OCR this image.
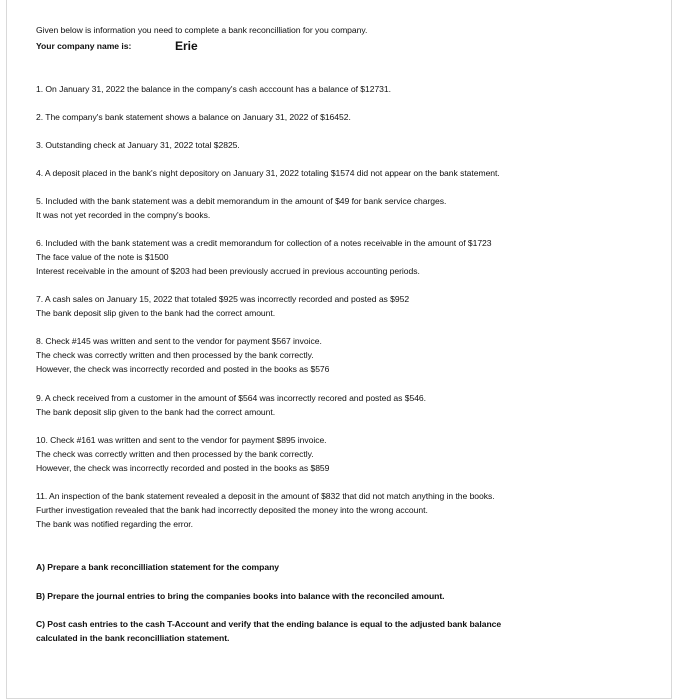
Given below is information you need to complete a bank reconcilliation for you company.
Your company name is:	Erie
1. On January 31, 2022 the balance in the company's cash acccount has a balance of $12731.
2. The company's bank statement shows a balance on January 31, 2022 of $16452.
3. Outstanding check at January 31, 2022 total $2825.
4. A deposit placed in the bank's night depository on January 31, 2022 totaling $1574 did not appear on the bank statement.
5. Included with the bank statement was a debit memorandum in the amount of $49 for bank service charges.
It was not yet recorded in the compny's books.
6. Included with the bank statement was a credit memorandum for collection of a notes receivable in the amount of $1723
The face value of the note is $1500
Interest receivable in the amount of $203 had been previously accrued in previous accounting periods.
7. A cash sales on January 15, 2022 that totaled $925 was incorrectly recorded and posted as $952
The bank deposit slip given to the bank had the correct amount.
8. Check #145 was written and sent to the vendor for payment $567 invoice.
The check was correctly written and then processed by the bank correctly.
However, the check was incorrectly recorded and posted in the books as $576
9. A check received from a customer in the amount of $564 was incorrectly recored and posted as $546.
The bank deposit slip given to the bank had the correct amount.
10. Check #161 was written and sent to the vendor for payment $895 invoice.
The check was correctly written and then processed by the bank correctly.
However, the check was incorrectly recorded and posted in the books as $859
11. An inspection of the bank statement revealed a deposit in the amount of $832 that did not match anything in the books.
Further investigation revealed that the bank had incorrectly deposited the money into the wrong account.
The bank was notified regarding the error.
A) Prepare a bank reconcilliation statement for the company
B) Prepare the journal entries to bring the companies books into balance with the reconciled amount.
C) Post cash entries to the cash T-Account and verify that the ending balance is equal to the adjusted bank balance
calculated in the bank reconcilliation statement.
